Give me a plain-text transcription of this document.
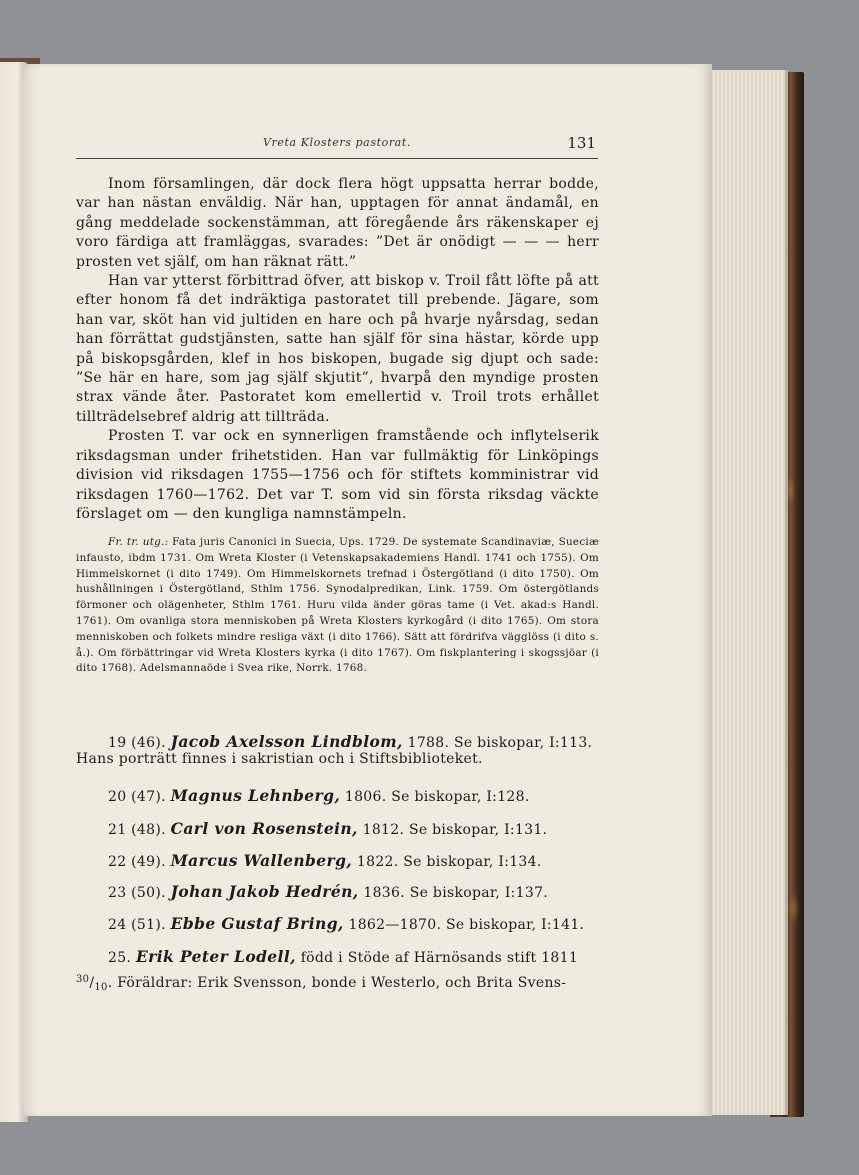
Vreta Klosters pastorat.	131

Inom församlingen, där dock flera högt uppsatta herrar bodde, var han nästan enväldig. När han, upptagen för annat ändamål, en gång meddelade sockenstämman, att föregående års räkenskaper ej voro färdiga att framläggas, svarades: ”Det är onödigt — — — herr prosten vet själf, om han räknat rätt.”

Han var ytterst förbittrad öfver, att biskop v. Troil fått löfte på att efter honom få det indräktiga pastoratet till prebende. Jägare, som han var, sköt han vid jultiden en hare och på hvarje nyårsdag, sedan han förrättat gudstjänsten, satte han själf för sina hästar, körde upp på biskopsgården, klef in hos biskopen, bugade sig djupt och sade: ”Se här en hare, som jag själf skjutit”, hvarpå den myndige prosten strax vände åter. Pastoratet kom emellertid v. Troil trots erhållet tillträdelsebref aldrig att tillträda.

Prosten T. var ock en synnerligen framstående och inflytelserik riksdagsman under frihetstiden. Han var fullmäktig för Linköpings division vid riksdagen 1755—1756 och för stiftets komministrar vid riksdagen 1760—1762. Det var T. som vid sin första riksdag väckte förslaget om — den kungliga namnstämpeln.

Fr. tr. utg.: Fata juris Canonici in Suecia, Ups. 1729. De systemate Scandinaviæ, Sueciæ infausto, ibdm 1731. Om Wreta Kloster (i Vetenskapsakademiens Handl. 1741 och 1755). Om Himmelskornet (i dito 1749). Om Himmelskornets trefnad i Östergötland (i dito 1750). Om hushållningen i Östergötland, Sthlm 1756. Synodalpredikan, Link. 1759. Om östergötlands förmoner och olägenheter, Sthlm 1761. Huru vilda änder göras tame (i Vet. akad:s Handl. 1761). Om ovanliga stora menniskoben på Wreta Klosters kyrkogård (i dito 1765). Om stora menniskoben och folkets mindre resliga växt (i dito 1766). Sätt att fördrifva vägglöss (i dito s. å.). Om förbättringar vid Wreta Klosters kyrka (i dito 1767). Om fiskplantering i skogssjöar (i dito 1768). Adelsmannaöde i Svea rike, Norrk. 1768.

19 (46). Jacob Axelsson Lindblom, 1788. Se biskopar, I:113.
Hans porträtt finnes i sakristian och i Stiftsbiblioteket.
20 (47). Magnus Lehnberg, 1806. Se biskopar, I:128.
21 (48). Carl von Rosenstein, 1812. Se biskopar, I:131.
22 (49). Marcus Wallenberg, 1822. Se biskopar, I:134.
23 (50). Johan Jakob Hedrén, 1836. Se biskopar, I:137.
24 (51). Ebbe Gustaf Bring, 1862—1870. Se biskopar, I:141.
25. Erik Peter Lodell, född i Stöde af Härnösands stift 1811
$^{30}/_{10}$. Föräldrar: Erik Svensson, bonde i Westerlo, och Brita Svens-
